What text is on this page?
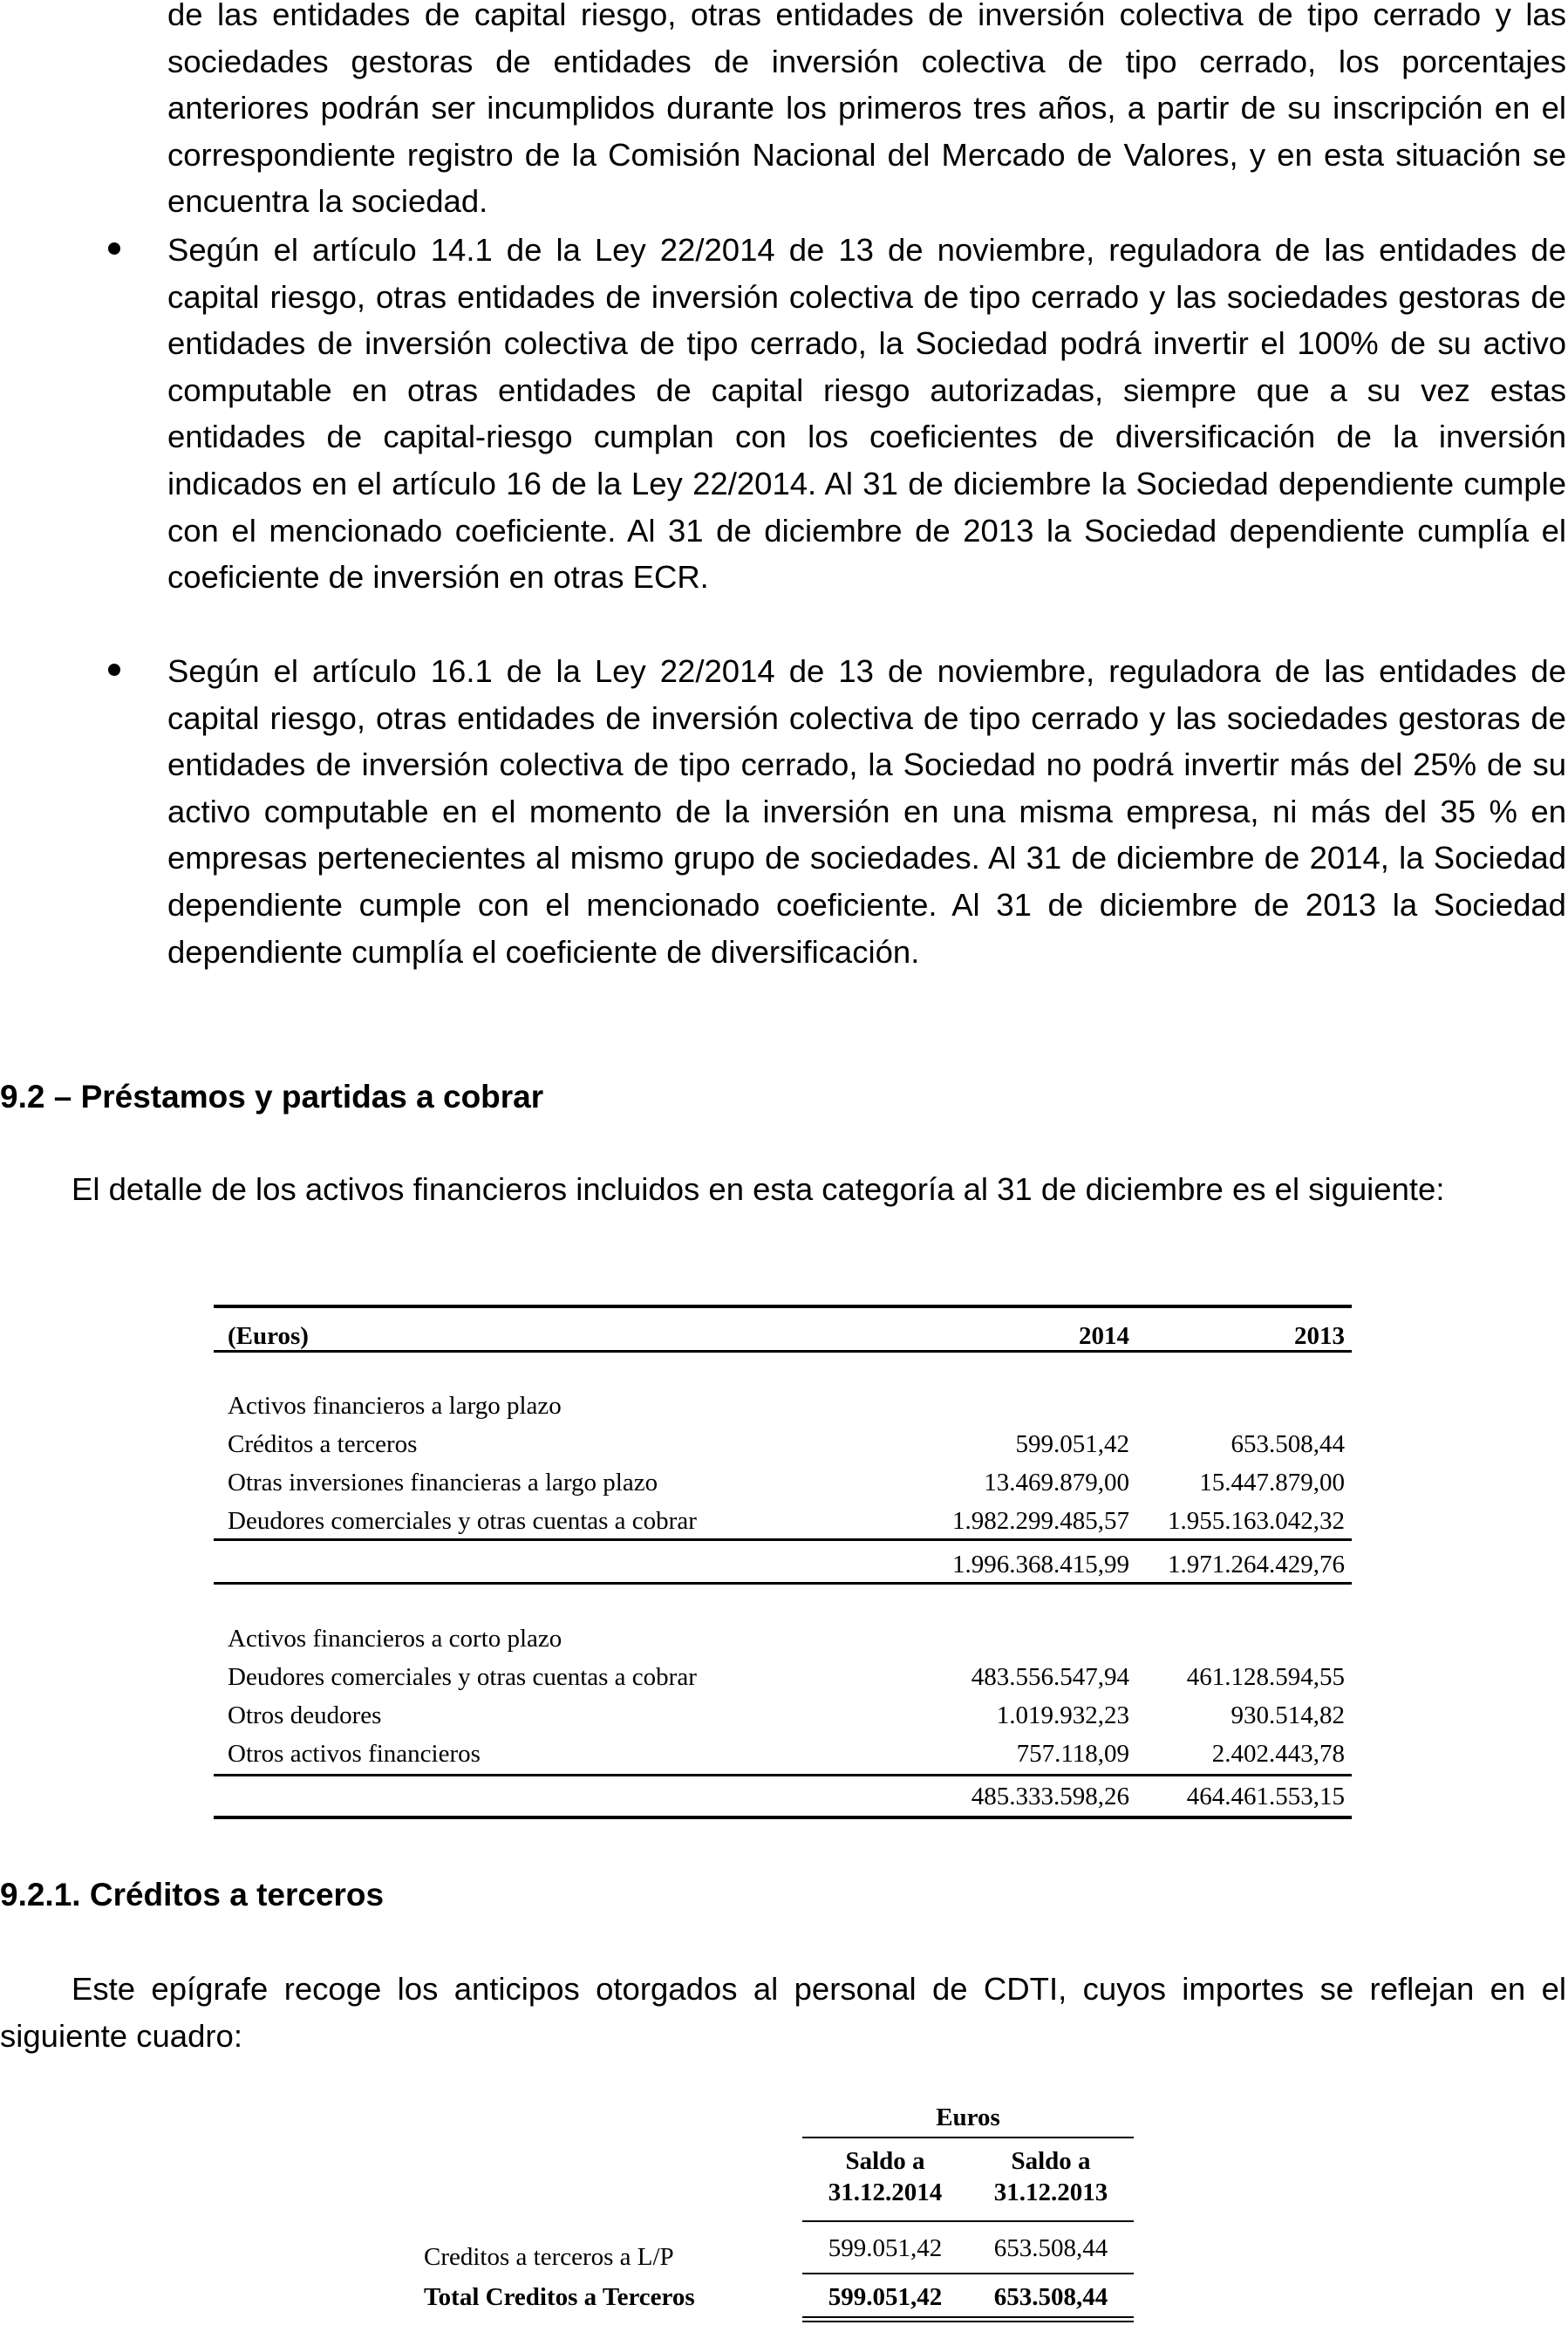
de las entidades de capital riesgo, otras entidades de inversión colectiva de tipo cerrado y las sociedades gestoras de entidades de inversión colectiva de tipo cerrado, los porcentajes anteriores podrán ser incumplidos durante los primeros tres años, a partir de su inscripción en el correspondiente registro de la Comisión Nacional del Mercado de Valores, y en esta situación se encuentra la sociedad.
Según el artículo 14.1 de la Ley 22/2014 de 13 de noviembre, reguladora de las entidades de capital riesgo, otras entidades de inversión colectiva de tipo cerrado y las sociedades gestoras de entidades de inversión colectiva de tipo cerrado, la Sociedad podrá invertir el 100% de su activo computable en otras entidades de capital riesgo autorizadas, siempre que a su vez estas entidades de capital-riesgo cumplan con los coeficientes de diversificación de la inversión indicados en el artículo 16 de la Ley 22/2014. Al 31 de diciembre la Sociedad dependiente cumple con el mencionado coeficiente. Al 31 de diciembre de 2013 la Sociedad dependiente cumplía el coeficiente de inversión en otras ECR.
Según el artículo 16.1 de la Ley 22/2014 de 13 de noviembre, reguladora de las entidades de capital riesgo, otras entidades de inversión colectiva de tipo cerrado y las sociedades gestoras de entidades de inversión colectiva de tipo cerrado, la Sociedad no podrá invertir más del 25% de su activo computable en el momento de la inversión en una misma empresa, ni más del 35 % en empresas pertenecientes al mismo grupo de sociedades. Al 31 de diciembre de 2014, la Sociedad dependiente cumple con el mencionado coeficiente. Al 31 de diciembre de 2013 la Sociedad dependiente cumplía el coeficiente de diversificación.
9.2 – Préstamos y partidas a cobrar
El detalle de los activos financieros incluidos en esta categoría al 31 de diciembre es el siguiente:
(Euros)	2014	2013
Activos financieros a largo plazo
Créditos a terceros	599.051,42	653.508,44
Otras inversiones financieras a largo plazo	13.469.879,00	15.447.879,00
Deudores comerciales y otras cuentas a cobrar	1.982.299.485,57 1.955.163.042,32
1.996.368.415,99 1.971.264.429,76
Activos financieros a corto plazo
Deudores comerciales y otras cuentas a cobrar	483.556.547,94 461.128.594,55
Otros deudores	1.019.932,23	930.514,82
Otros activos financieros	757.118,09	2.402.443,78
485.333.598,26 464.461.553,15
9.2.1. Créditos a terceros
Este epígrafe recoge los anticipos otorgados al personal de CDTI, cuyos importes se reflejan en el siguiente cuadro:
Euros
Saldo a
31.12.2014
Saldo a
31.12.2013
Creditos a terceros a L/P	599.051,42	653.508,44
Total Creditos a Terceros	599.051,42	653.508,44
